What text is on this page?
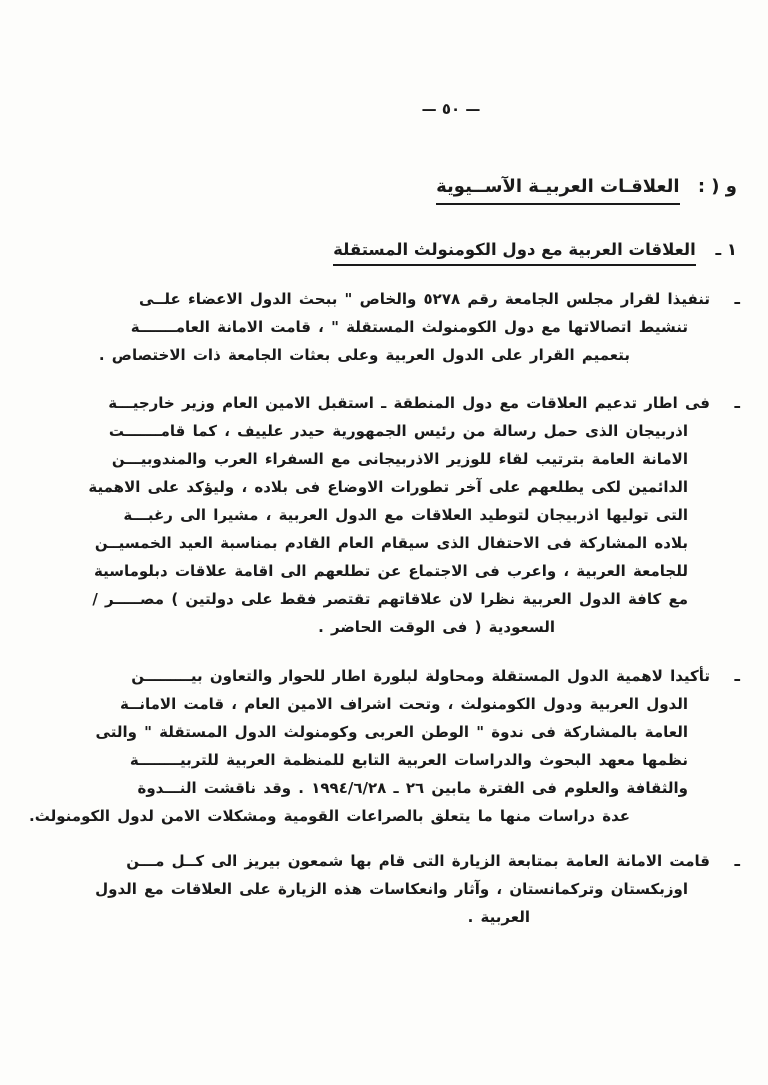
— ٥٠ —
و ‎)‎ : العلاقـات العربيـة الآســيوية
١ ـ العلاقات العربية مع دول الكومنولث المستقلة
ـ
تنفيذا لقرار مجلس الجامعة رقم ٥٢٧٨ والخاص " ببحث الدول الاعضاء علــى
تنشيط اتصالاتها مع دول الكومنولث المستقلة " ، قامت الامانة العامـــــــة
بتعميم القرار على الدول العربية وعلى بعثات الجامعة ذات الاختصاص .
ـ
فى اطار تدعيم العلاقات مع دول المنطقة ـ استقبل الامين العام وزير خارجيـــة
اذربيجان الذى حمل رسالة من رئيس الجمهورية حيدر علييف ، كما قامـــــــت
الامانة العامة بترتيب لقاء للوزير الاذربيجانى مع السفراء العرب والمندوبيـــن
الدائمين لكى يطلعهم على آخر تطورات الاوضاع فى بلاده ، وليؤكد على الاهمية
التى توليها اذربيجان لتوطيد العلاقات مع الدول العربية ، مشيرا الى رغبـــة
بلاده المشاركة فى الاحتفال الذى سيقام العام القادم بمناسبة العيد الخمسيــن
للجامعة العربية ، واعرب فى الاجتماع عن تطلعهم الى اقامة علاقات دبلوماسية
مع كافة الدول العربية نظرا لان علاقاتهم تقتصر فقط على دولتين ‎(‎ مصـــــر /
السعودية ‎)‎ فى الوقت الحاضر .
ـ
تأكيدا لاهمية الدول المستقلة ومحاولة لبلورة اطار للحوار والتعاون بيـــــــــن
الدول العربية ودول الكومنولث ، وتحت اشراف الامين العام ، قامت الامانــة
العامة بالمشاركة فى ندوة " الوطن العربى وكومنولث الدول المستقلة " والتى
نظمها معهد البحوث والدراسات العربية التابع للمنظمة العربية للتربيــــــــة
والثقافة والعلوم فى الفترة مابين ٢٦ ـ ١٩٩٤/٦/٢٨ . وقد ناقشت النـــدوة
عدة دراسات منها ما يتعلق بالصراعات القومية ومشكلات الامن لدول الكومنولث.
ـ
قامت الامانة العامة بمتابعة الزيارة التى قام بها شمعون بيريز الى كــل مـــن
اوزبكستان وتركمانستان ، وآثار وانعكاسات هذه الزيارة على العلاقات مع الدول
العربية .
